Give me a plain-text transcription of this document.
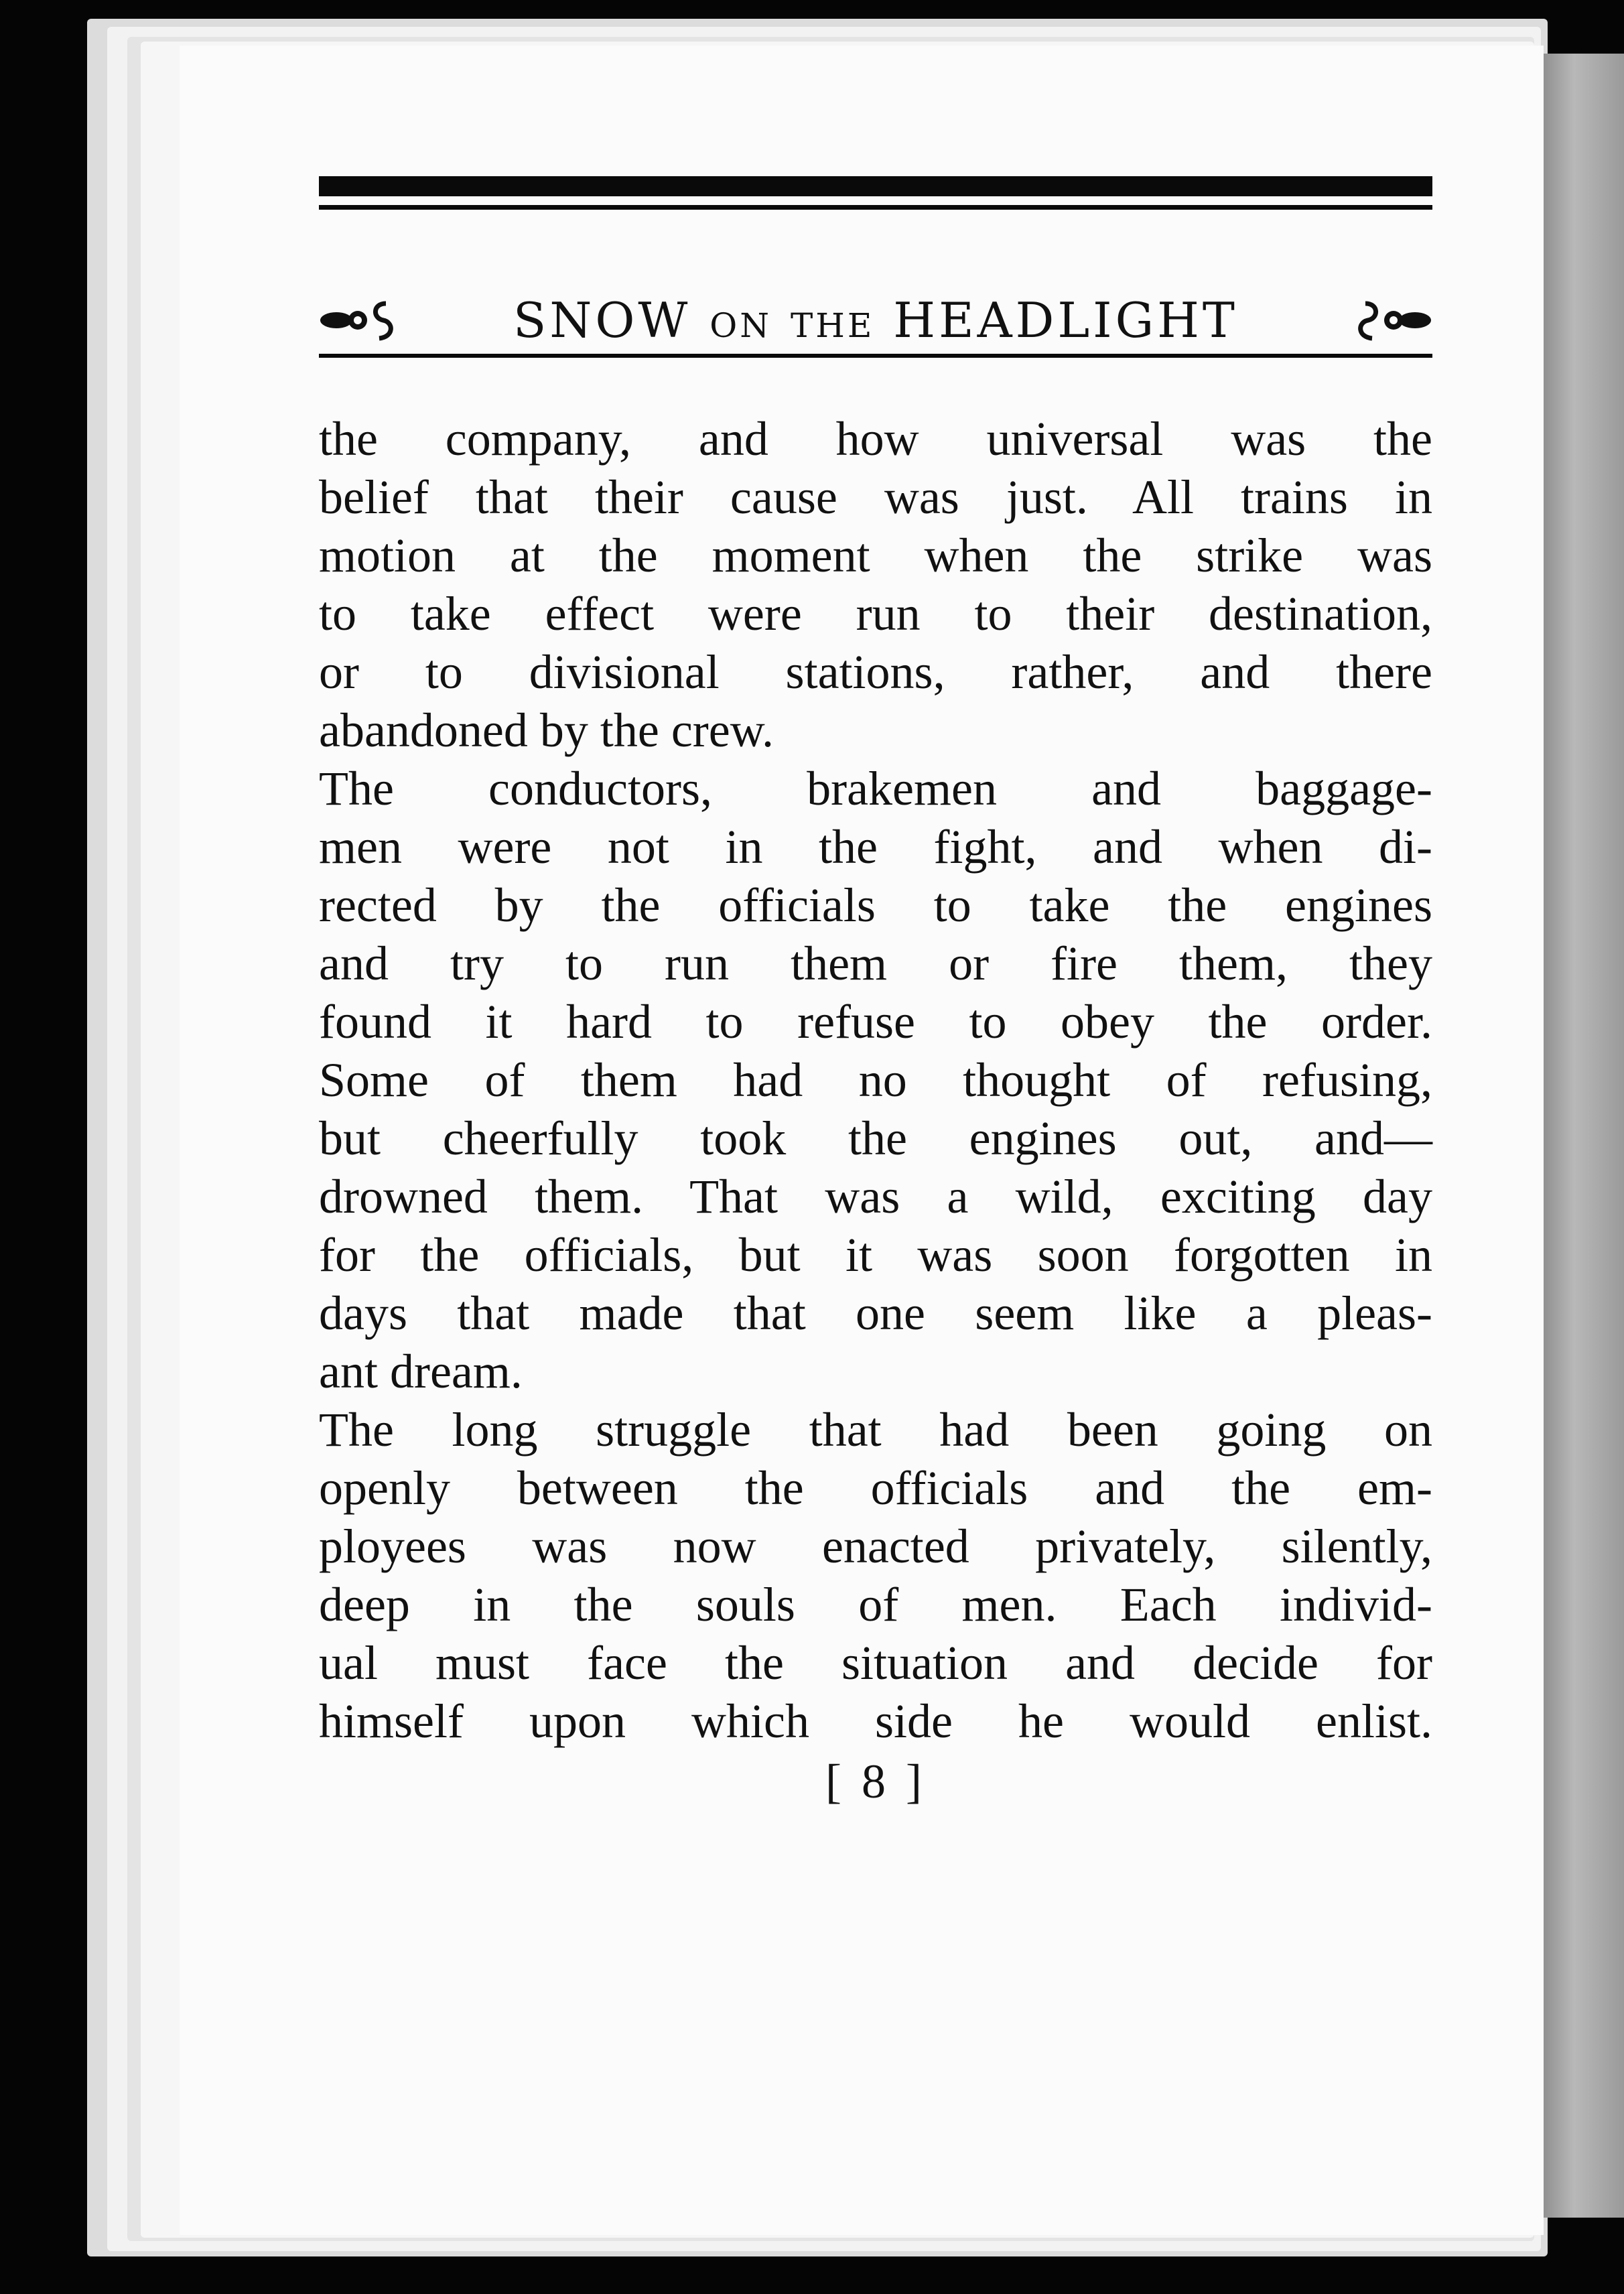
SNOW ON THE HEADLIGHT
the company, and how universal was the
belief that their cause was just. All trains in
motion at the moment when the strike was
to take effect were run to their destination,
or to divisional stations, rather, and there
abandoned by the crew.
The conductors, brakemen and baggage-
men were not in the fight, and when di-
rected by the officials to take the engines
and try to run them or fire them, they
found it hard to refuse to obey the order.
Some of them had no thought of refusing,
but cheerfully took the engines out, and—
drowned them. That was a wild, exciting day
for the officials, but it was soon forgotten in
days that made that one seem like a pleas-
ant dream.
The long struggle that had been going on
openly between the officials and the em-
ployees was now enacted privately, silently,
deep in the souls of men. Each individ-
ual must face the situation and decide for
himself upon which side he would enlist.
[ 8 ]
